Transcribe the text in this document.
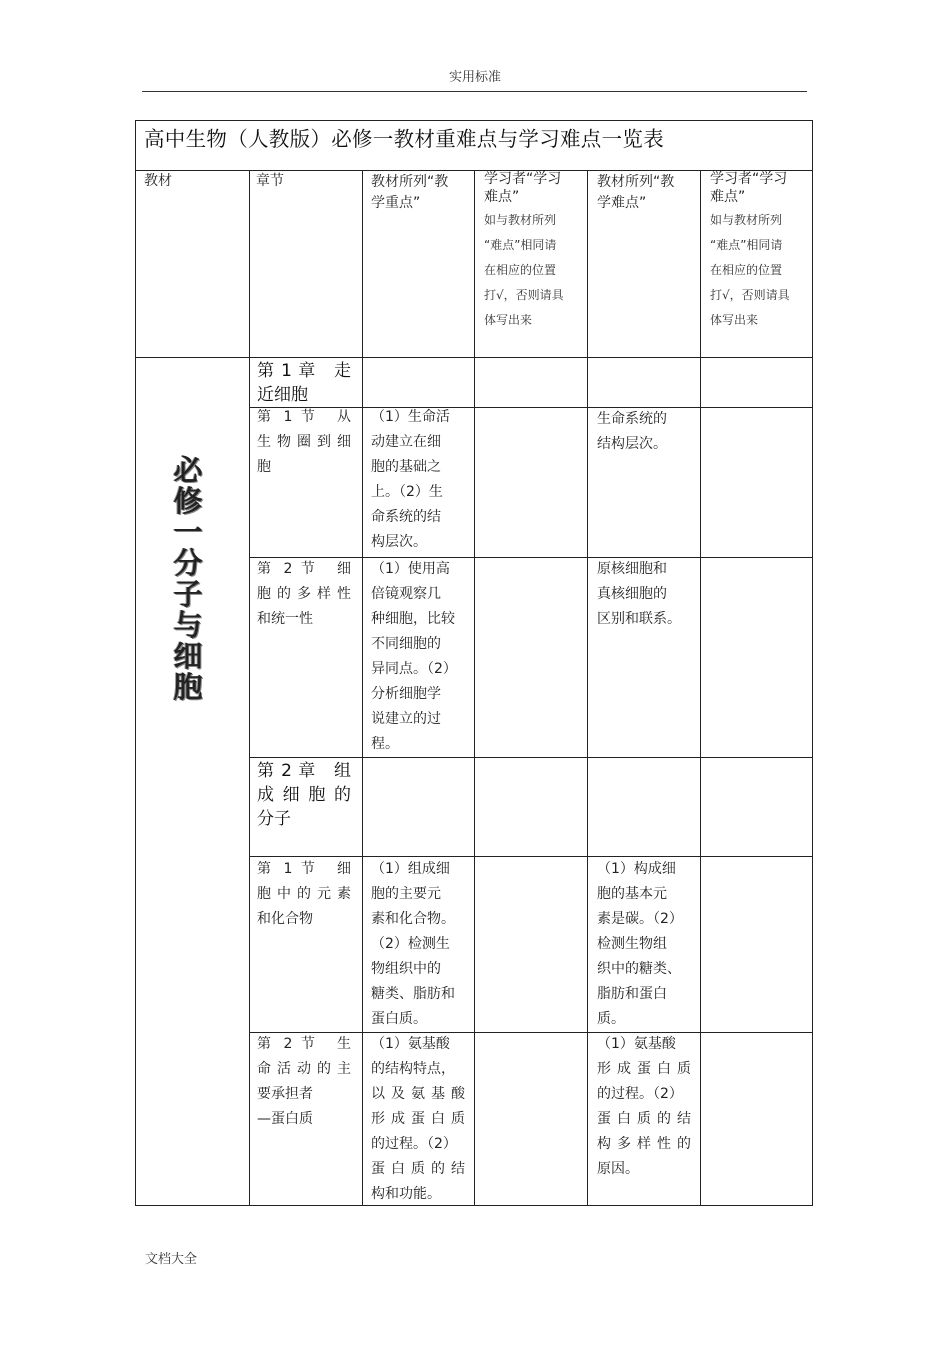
实用标准
文档大全
高中生物（人教版）必修一教材重难点与学习难点一览表
教材	章节	教材所列“教
学重点”
学习者“学习
难点”
如与教材所列
“难点”相同请
在相应的位置
打√，否则请具
体写出来
教材所列“教
学难点”
学习者“学习
难点”
如与教材所列
“难点”相同请
在相应的位置
打√，否则请具
体写出来
必
修
一
分
子
与
细
胞
第 1 章　走
近细胞
第 1 节　从
生物圈到细
胞
（1）生命活
动建立在细
胞的基础之
上。（2）生
命系统的结
构层次。
生命系统的
结构层次。
第 2 节　细
胞的多样性
和统一性
（1）使用高
倍镜观察几
种细胞，比较
不同细胞的
异同点。（2）
分析细胞学
说建立的过
程。
原核细胞和
真核细胞的
区别和联系。
第 2 章　组
成细胞的
分子
第 1 节　细
胞中的元素
和化合物
（1）组成细
胞的主要元
素和化合物。
（2）检测生
物组织中的
糖类、脂肪和
蛋白质。
（1）构成细
胞的基本元
素是碳。（2）
检测生物组
织中的糖类、
脂肪和蛋白
质。
第 2 节　生
命活动的主
要承担者
—蛋白质
（1）氨基酸
的结构特点，
以及氨基酸
形成蛋白质
的过程。（2）
蛋白质的结
构和功能。
（1）氨基酸
形成蛋白质
的过程。（2）
蛋白质的结
构多样性的
原因。
